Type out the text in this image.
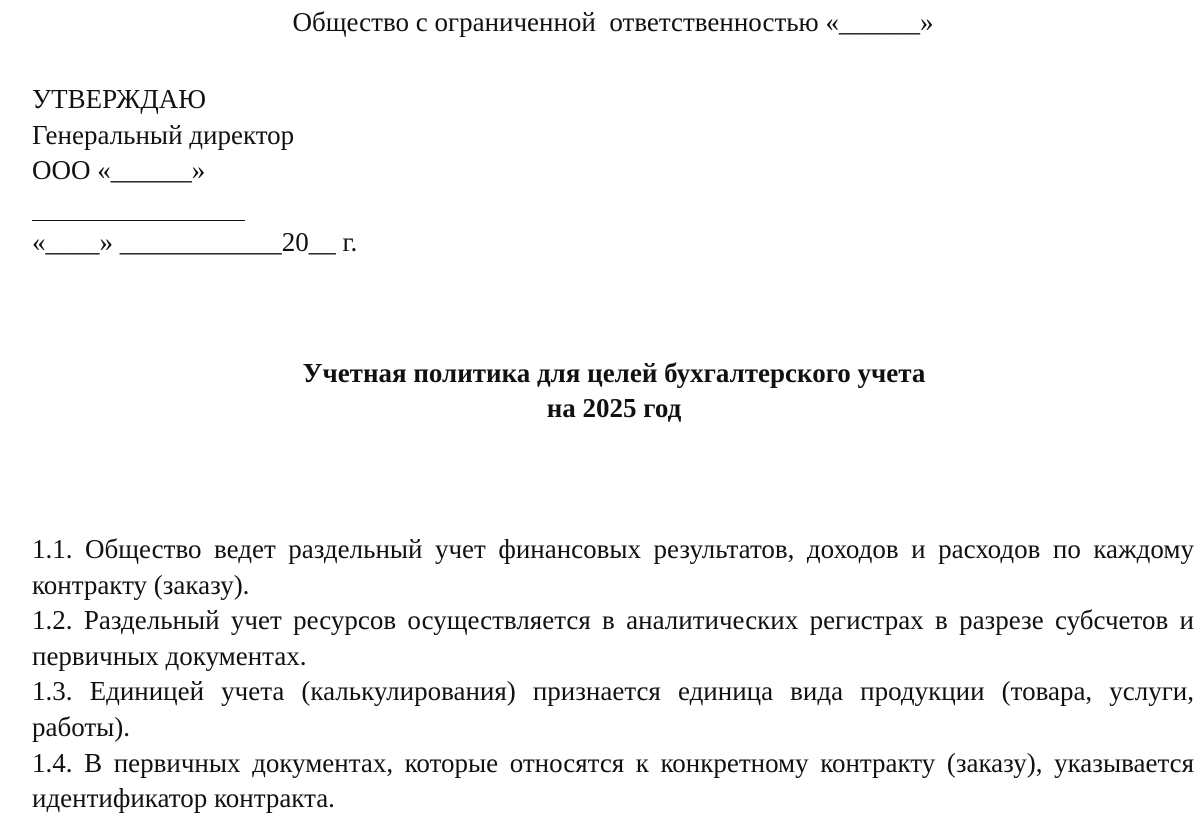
Общество с ограниченной  ответственностью «______»
УТВЕРЖДАЮ
Генеральный директор
ООО «______»
«____» ____________20__ г.
Учетная политика для целей бухгалтерского учета
на 2025 год
1.1. Общество ведет раздельный учет финансовых результатов, доходов и расходов по каждому контракту (заказу).
1.2. Раздельный учет ресурсов осуществляется в аналитических регистрах в разрезе субсчетов и первичных документах.
1.3. Единицей учета (калькулирования) признается единица вида продукции (товара, услуги, работы).
1.4. В первичных документах, которые относятся к конкретному контракту (заказу), указывается идентификатор контракта.
